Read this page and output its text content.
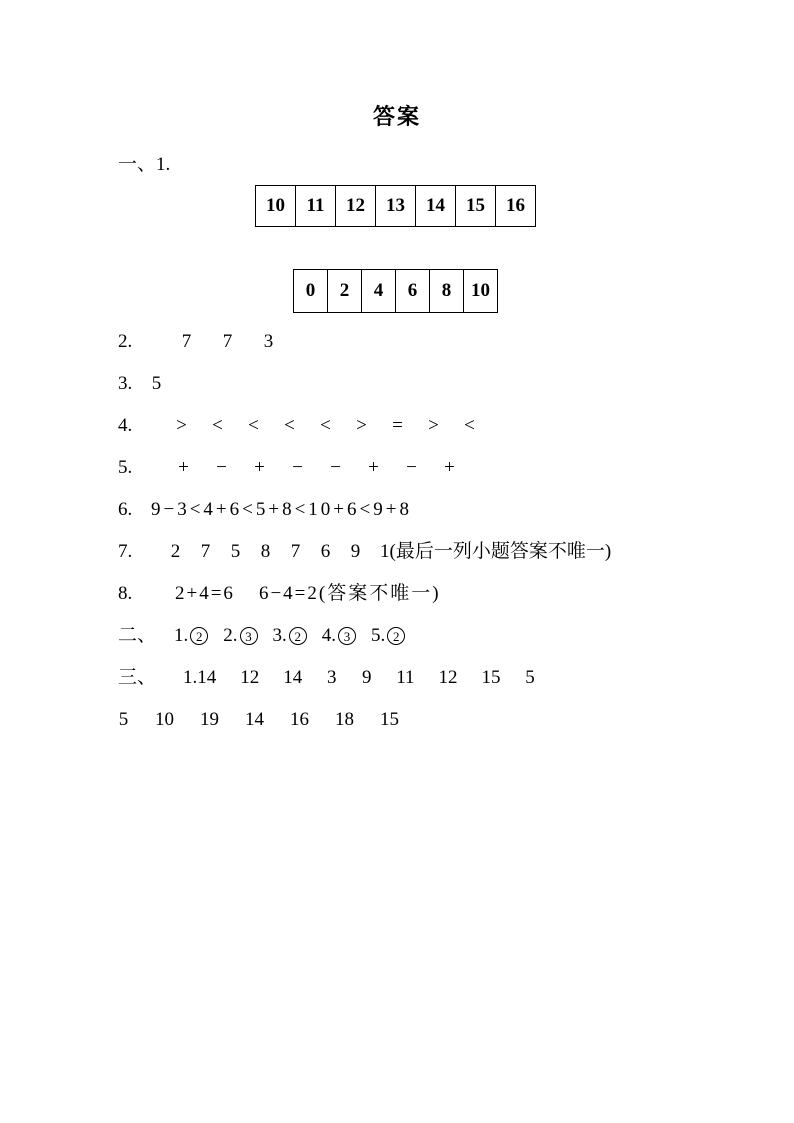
答案
一、1.
10	11	12	13	14	15	16
0	2	4	6	8	10
2.	7 7 3
3.	5
4.	> < < < < > = > <
5.	+ − + − − + − +
6. 9−3<4+6<5+8<10+6<9+8
7.	2 7 5 8 7 6 9 1(最后一列小题答案不唯一)
8.	2+4=6 6−4=2(答案不唯一)
二、 1. 2	2. 3	3. 2	4. 3	5. 2
三、 1.14 12 14 3 9 11 12 15 5
5 10 19 14 16 18 15
